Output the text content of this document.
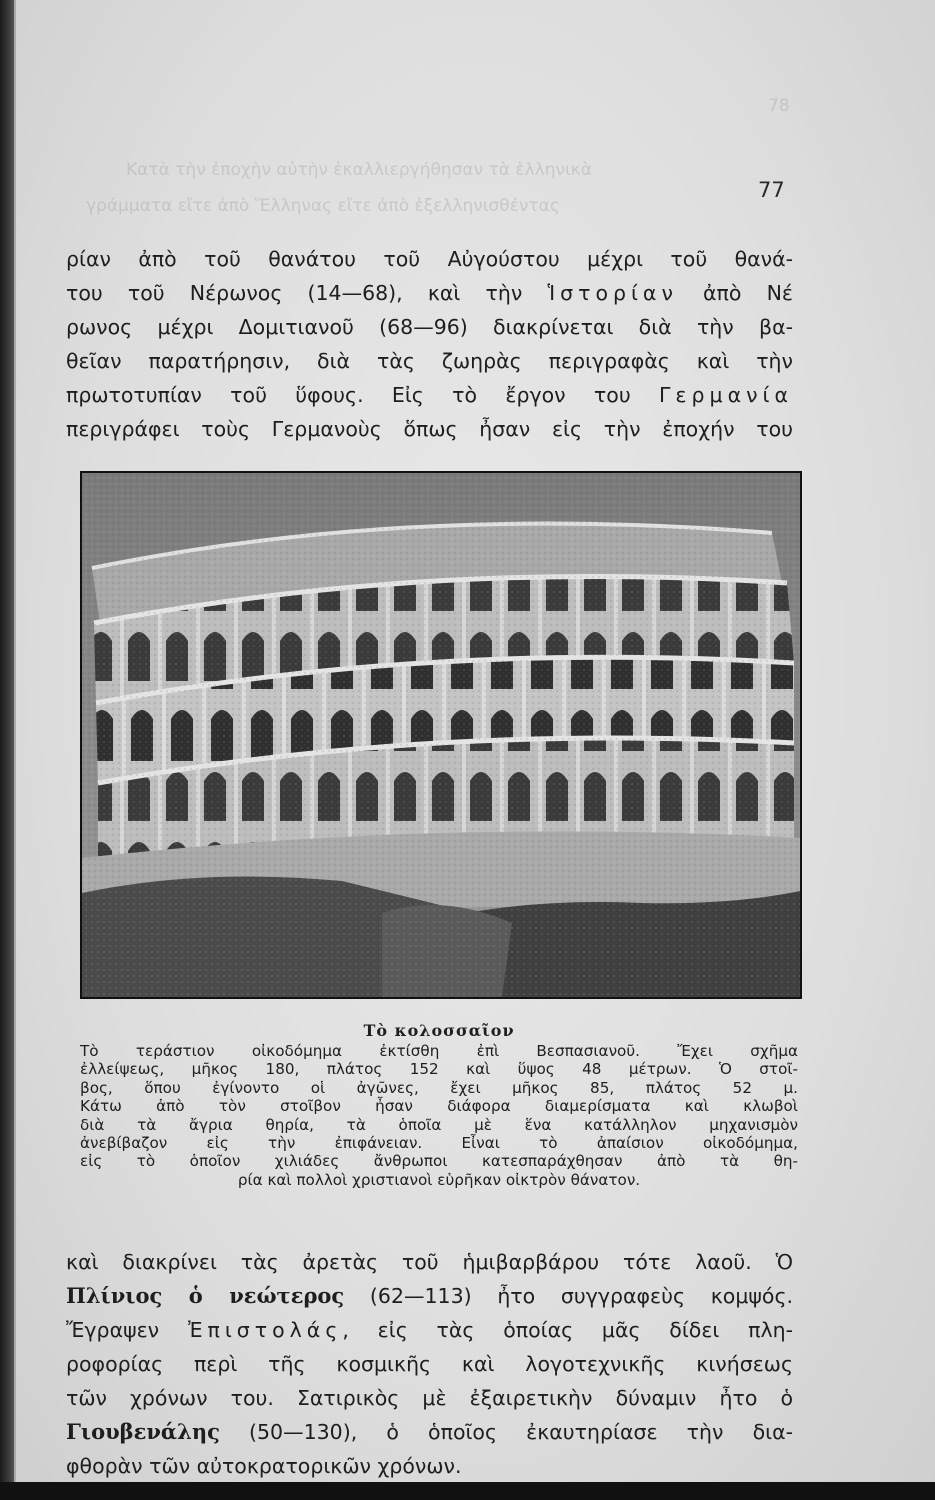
78
Κατὰ τὴν ἐποχὴν αὐτὴν ἐκαλλιεργήθησαν τὰ ἑλληνικὰ
γράμματα εἴτε ἀπὸ Ἕλληνας εἴτε ἀπὸ ἐξελληνισθέντας
77
ρίαν ἀπὸ τοῦ θανάτου τοῦ Αὐγούστου μέχρι τοῦ θανά-
του τοῦ Νέρωνος (14—68), καὶ τὴν Ἱστορίαν ἀπὸ Νέ
ρωνος μέχρι Δομιτιανοῦ (68—96) διακρίνεται διὰ τὴν βα-
θεῖαν παρατήρησιν, διὰ τὰς ζωηρὰς περιγραφὰς καὶ τὴν
πρωτοτυπίαν τοῦ ὕφους. Εἰς τὸ ἔργον του Γερμανία
περιγράφει τοὺς Γερμανοὺς ὅπως ἦσαν εἰς τὴν ἐποχήν του
Τὸ κολοσσαῖον
Τὸ τεράστιον οἰκοδόμημα ἐκτίσθη ἐπὶ Βεσπασιανοῦ. Ἔχει σχῆμα
ἐλλείψεως, μῆκος 180, πλάτος 152 καὶ ὕψος 48 μέτρων. Ὁ στοῖ-
βος, ὅπου ἐγίνοντο οἱ ἀγῶνες, ἔχει μῆκος 85, πλάτος 52 μ.
Κάτω ἀπὸ τὸν στοῖβον ἦσαν διάφορα διαμερίσματα καὶ κλωβοὶ
διὰ τὰ ἄγρια θηρία, τὰ ὁποῖα μὲ ἕνα κατάλληλον μηχανισμὸν
ἀνεβίβαζον εἰς τὴν ἐπιφάνειαν. Εἶναι τὸ ἀπαίσιον οἰκοδόμημα,
εἰς τὸ ὁποῖον χιλιάδες ἄνθρωποι κατεσπαράχθησαν ἀπὸ τὰ θη-
ρία καὶ πολλοὶ χριστιανοὶ εὑρῆκαν οἰκτρὸν θάνατον.
καὶ διακρίνει τὰς ἀρετὰς τοῦ ἡμιβαρβάρου τότε λαοῦ. Ὁ
Πλίνιος ὁ νεώτερος (62—113) ἦτο συγγραφεὺς κομψός.
Ἔγραψεν Ἐπιστολάς, εἰς τὰς ὁποίας μᾶς δίδει πλη-
ροφορίας περὶ τῆς κοσμικῆς καὶ λογοτεχνικῆς κινήσεως
τῶν χρόνων του. Σατιρικὸς μὲ ἐξαιρετικὴν δύναμιν ἦτο ὁ
Γιουβενάλης (50—130), ὁ ὁποῖος ἐκαυτηρίασε τὴν δια-
φθορὰν τῶν αὐτοκρατορικῶν χρόνων.
